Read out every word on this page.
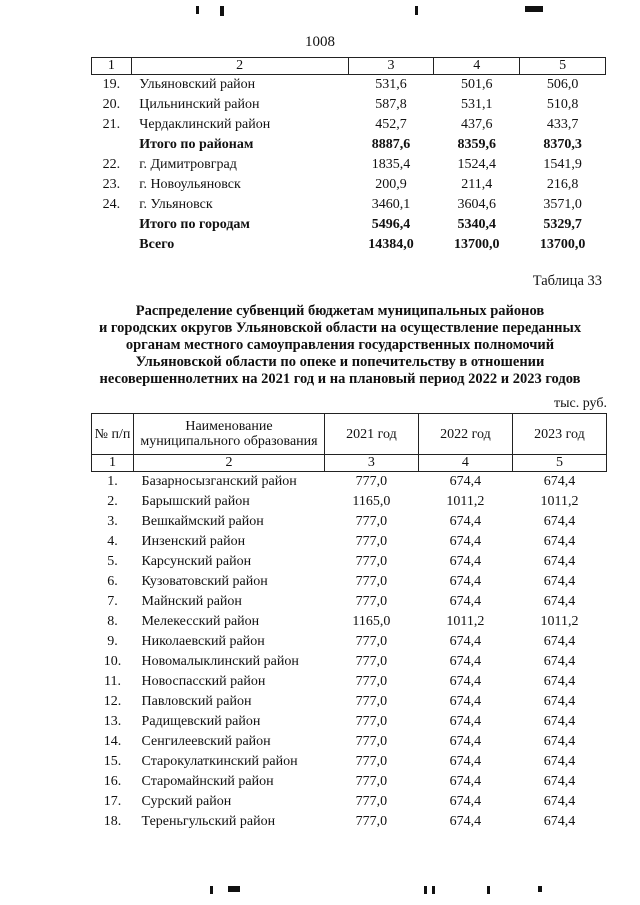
1008
1	2	3	4	5
19.	Ульяновский район	531,6	501,6	506,0
20.	Цильнинский район	587,8	531,1	510,8
21.	Чердаклинский район	452,7	437,6	433,7
	Итого по районам	8887,6	8359,6	8370,3
22.	г. Димитровград	1835,4	1524,4	1541,9
23.	г. Новоульяновск	200,9	211,4	216,8
24.	г. Ульяновск	3460,1	3604,6	3571,0
	Итого по городам	5496,4	5340,4	5329,7
	Всего	14384,0	13700,0	13700,0
Таблица 33
Распределение субвенций бюджетам муниципальных районов
и городских округов Ульяновской области на осуществление переданных
органам местного самоуправления государственных полномочий
Ульяновской области по опеке и попечительству в отношении
несовершеннолетних на 2021 год и на плановый период 2022 и 2023 годов
тыс. руб.
№ п/п	Наименование муниципального образования	2021 год	2022 год	2023 год
1	2	3	4	5
1.	Базарносызганский район	777,0	674,4	674,4
2.	Барышский район	1165,0	1011,2	1011,2
3.	Вешкаймский район	777,0	674,4	674,4
4.	Инзенский район	777,0	674,4	674,4
5.	Карсунский район	777,0	674,4	674,4
6.	Кузоватовский район	777,0	674,4	674,4
7.	Майнский район	777,0	674,4	674,4
8.	Мелекесский район	1165,0	1011,2	1011,2
9.	Николаевский район	777,0	674,4	674,4
10.	Новомалыклинский район	777,0	674,4	674,4
11.	Новоспасский район	777,0	674,4	674,4
12.	Павловский район	777,0	674,4	674,4
13.	Радищевский район	777,0	674,4	674,4
14.	Сенгилеевский район	777,0	674,4	674,4
15.	Старокулаткинский район	777,0	674,4	674,4
16.	Старомайнский район	777,0	674,4	674,4
17.	Сурский район	777,0	674,4	674,4
18.	Тереньгульский район	777,0	674,4	674,4
